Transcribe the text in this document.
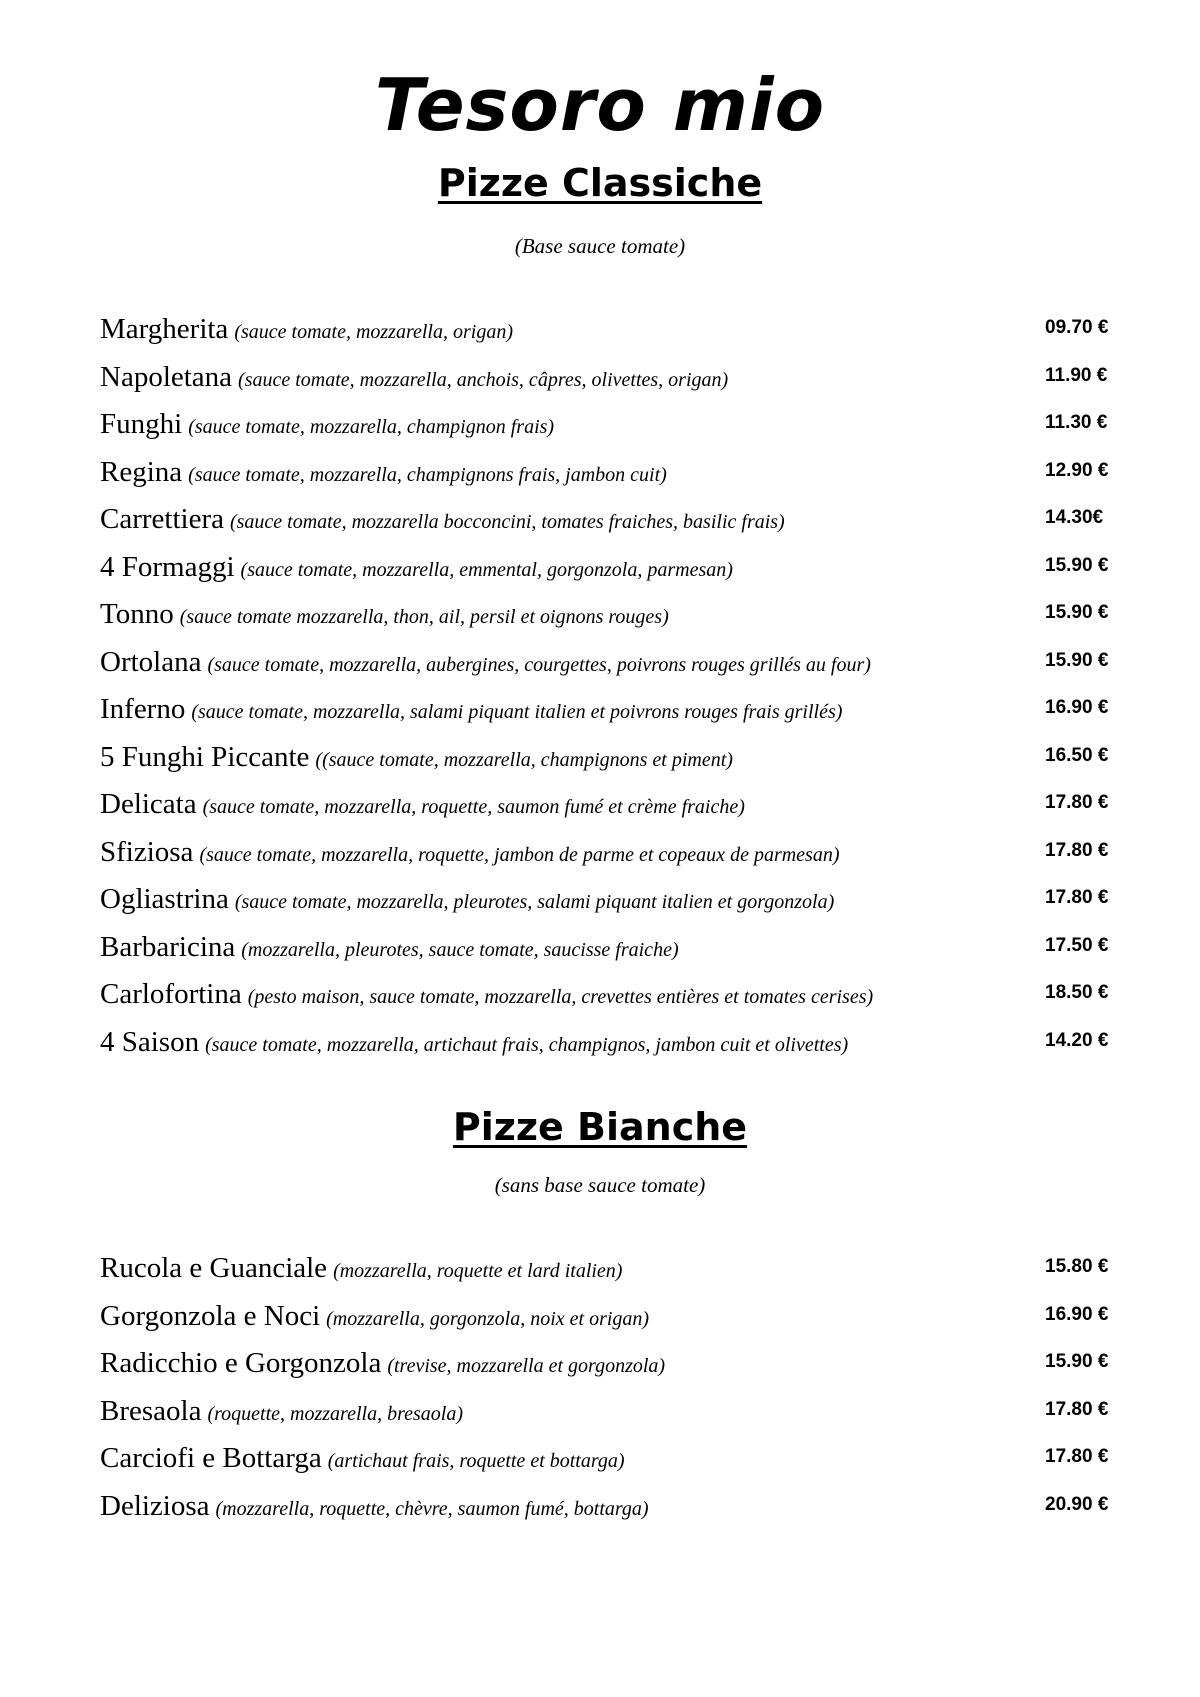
Tesoro mio
Pizze Classiche
(Base sauce tomate)
Margherita (sauce tomate, mozzarella, origan)	09.70 €
Napoletana (sauce tomate, mozzarella, anchois, câpres, olivettes, origan)	11.90 €
Funghi (sauce tomate, mozzarella, champignon frais)	11.30 €
Regina (sauce tomate, mozzarella, champignons frais, jambon cuit)	12.90 €
Carrettiera (sauce tomate, mozzarella bocconcini, tomates fraiches, basilic frais)	14.30€
4 Formaggi (sauce tomate, mozzarella, emmental, gorgonzola, parmesan)	15.90 €
Tonno (sauce tomate mozzarella, thon, ail, persil et oignons rouges)	15.90 €
Ortolana (sauce tomate, mozzarella, aubergines, courgettes, poivrons rouges grillés au four)	15.90 €
Inferno (sauce tomate, mozzarella, salami piquant italien et poivrons rouges frais grillés)	16.90 €
5 Funghi Piccante ((sauce tomate, mozzarella, champignons et piment)	16.50 €
Delicata (sauce tomate, mozzarella, roquette, saumon fumé et crème fraiche)	17.80 €
Sfiziosa (sauce tomate, mozzarella, roquette, jambon de parme et copeaux de parmesan)	17.80 €
Ogliastrina (sauce tomate, mozzarella, pleurotes, salami piquant italien et gorgonzola)	17.80 €
Barbaricina (mozzarella, pleurotes, sauce tomate, saucisse fraiche)	17.50 €
Carlofortina (pesto maison, sauce tomate, mozzarella, crevettes entières et tomates cerises)	18.50 €
4 Saison (sauce tomate, mozzarella, artichaut frais, champignos, jambon cuit et olivettes)	14.20 €
Pizze Bianche
(sans base sauce tomate)
Rucola e Guanciale (mozzarella, roquette et lard italien)	15.80 €
Gorgonzola e Noci (mozzarella, gorgonzola, noix et origan)	16.90 €
Radicchio e Gorgonzola (trevise, mozzarella et gorgonzola)	15.90 €
Bresaola (roquette, mozzarella, bresaola)	17.80 €
Carciofi e Bottarga (artichaut frais, roquette et bottarga)	17.80 €
Deliziosa (mozzarella, roquette, chèvre, saumon fumé, bottarga)	20.90 €
